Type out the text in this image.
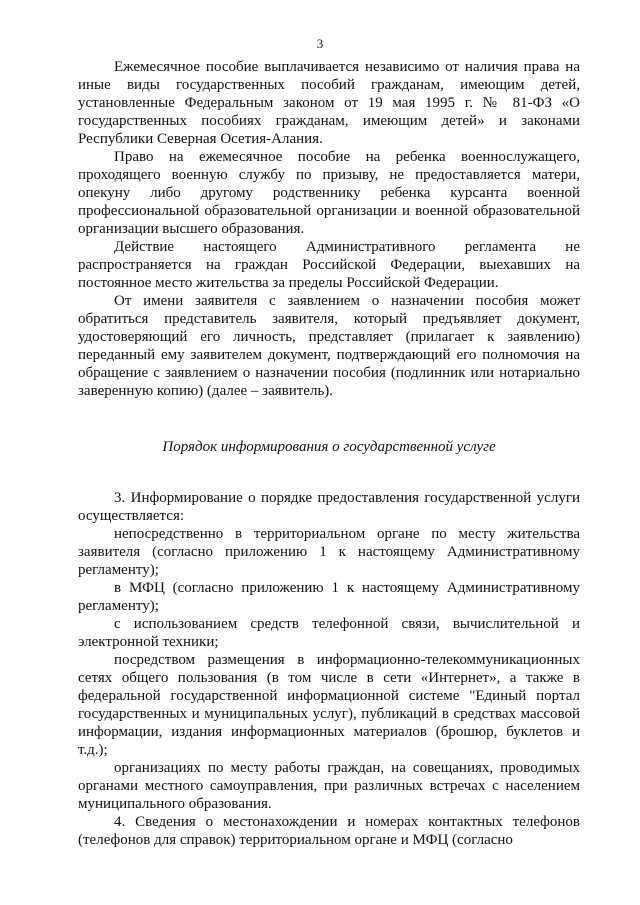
3

Ежемесячное пособие выплачивается независимо от наличия права на иные виды государственных пособий гражданам, имеющим детей, установленные Федеральным законом от 19 мая 1995 г. № 81-ФЗ «О государственных пособиях гражданам, имеющим детей» и законами Республики Северная Осетия-Алания.

Право на ежемесячное пособие на ребенка военнослужащего, проходящего военную службу по призыву, не предоставляется матери, опекуну либо другому родственнику ребенка курсанта военной профессиональной образовательной организации и военной образовательной организации высшего образования.

Действие настоящего Административного регламента не распространяется на граждан Российской Федерации, выехавших на постоянное место жительства за пределы Российской Федерации.

От имени заявителя с заявлением о назначении пособия может обратиться представитель заявителя, который предъявляет документ, удостоверяющий его личность, представляет (прилагает к заявлению) переданный ему заявителем документ, подтверждающий его полномочия на обращение с заявлением о назначении пособия (подлинник или нотариально заверенную копию) (далее – заявитель).

Порядок информирования о государственной услуге

3. Информирование о порядке предоставления государственной услуги осуществляется:

непосредственно в территориальном органе по месту жительства заявителя (согласно приложению 1 к настоящему Административному регламенту);

в МФЦ (согласно приложению 1 к настоящему Административному регламенту);

с использованием средств телефонной связи, вычислительной и электронной техники;

посредством размещения в информационно-телекоммуникационных сетях общего пользования (в том числе в сети «Интернет», а также в федеральной государственной информационной системе "Единый портал государственных и муниципальных услуг), публикаций в средствах массовой информации, издания информационных материалов (брошюр, буклетов и т.д.);

организациях по месту работы граждан, на совещаниях, проводимых органами местного самоуправления, при различных встречах с населением муниципального образования.

4. Сведения о местонахождении и номерах контактных телефонов (телефонов для справок) территориальном органе и МФЦ (согласно
